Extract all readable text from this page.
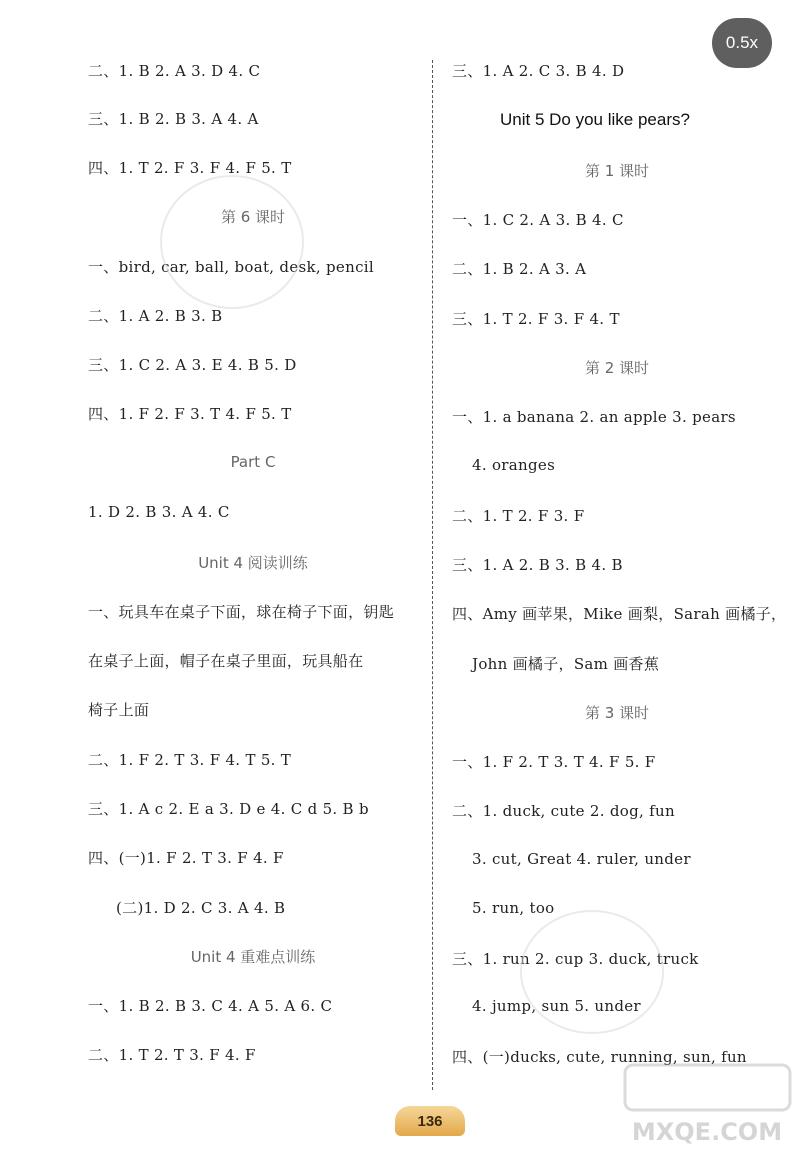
二、1. B 2. A 3. D 4. C
三、1. B 2. B 3. A 4. A
四、1. T 2. F 3. F 4. F 5. T
第 6 课时
一、bird, car, ball, boat, desk, pencil
二、1. A 2. B 3. B
三、1. C 2. A 3. E 4. B 5. D
四、1. F 2. F 3. T 4. F 5. T
Part C
1. D 2. B 3. A 4. C
Unit 4 阅读训练
一、玩具车在桌子下面，球在椅子下面，钥匙
在桌子上面，帽子在桌子里面，玩具船在
椅子上面
二、1. F 2. T 3. F 4. T 5. T
三、1. A c 2. E a 3. D e 4. C d 5. B b
四、(一)1. F 2. T 3. F 4. F
(二)1. D 2. C 3. A 4. B
Unit 4 重难点训练
一、1. B 2. B 3. C 4. A 5. A 6. C
二、1. T 2. T 3. F 4. F
三、1. A 2. C 3. B 4. D
Unit 5 Do you like pears?
第 1 课时
一、1. C 2. A 3. B 4. C
二、1. B 2. A 3. A
三、1. T 2. F 3. F 4. T
第 2 课时
一、1. a banana 2. an apple 3. pears
4. oranges
二、1. T 2. F 3. F
三、1. A 2. B 3. B 4. B
四、Amy 画苹果，Mike 画梨，Sarah 画橘子，
John 画橘子，Sam 画香蕉
第 3 课时
一、1. F 2. T 3. T 4. F 5. F
二、1. duck, cute 2. dog, fun
3. cut, Great 4. ruler, under
5. run, too
三、1. run 2. cup 3. duck, truck
4. jump, sun 5. under
四、(一)ducks, cute, running, sun, fun
0.5x
136	MXQE.COM
